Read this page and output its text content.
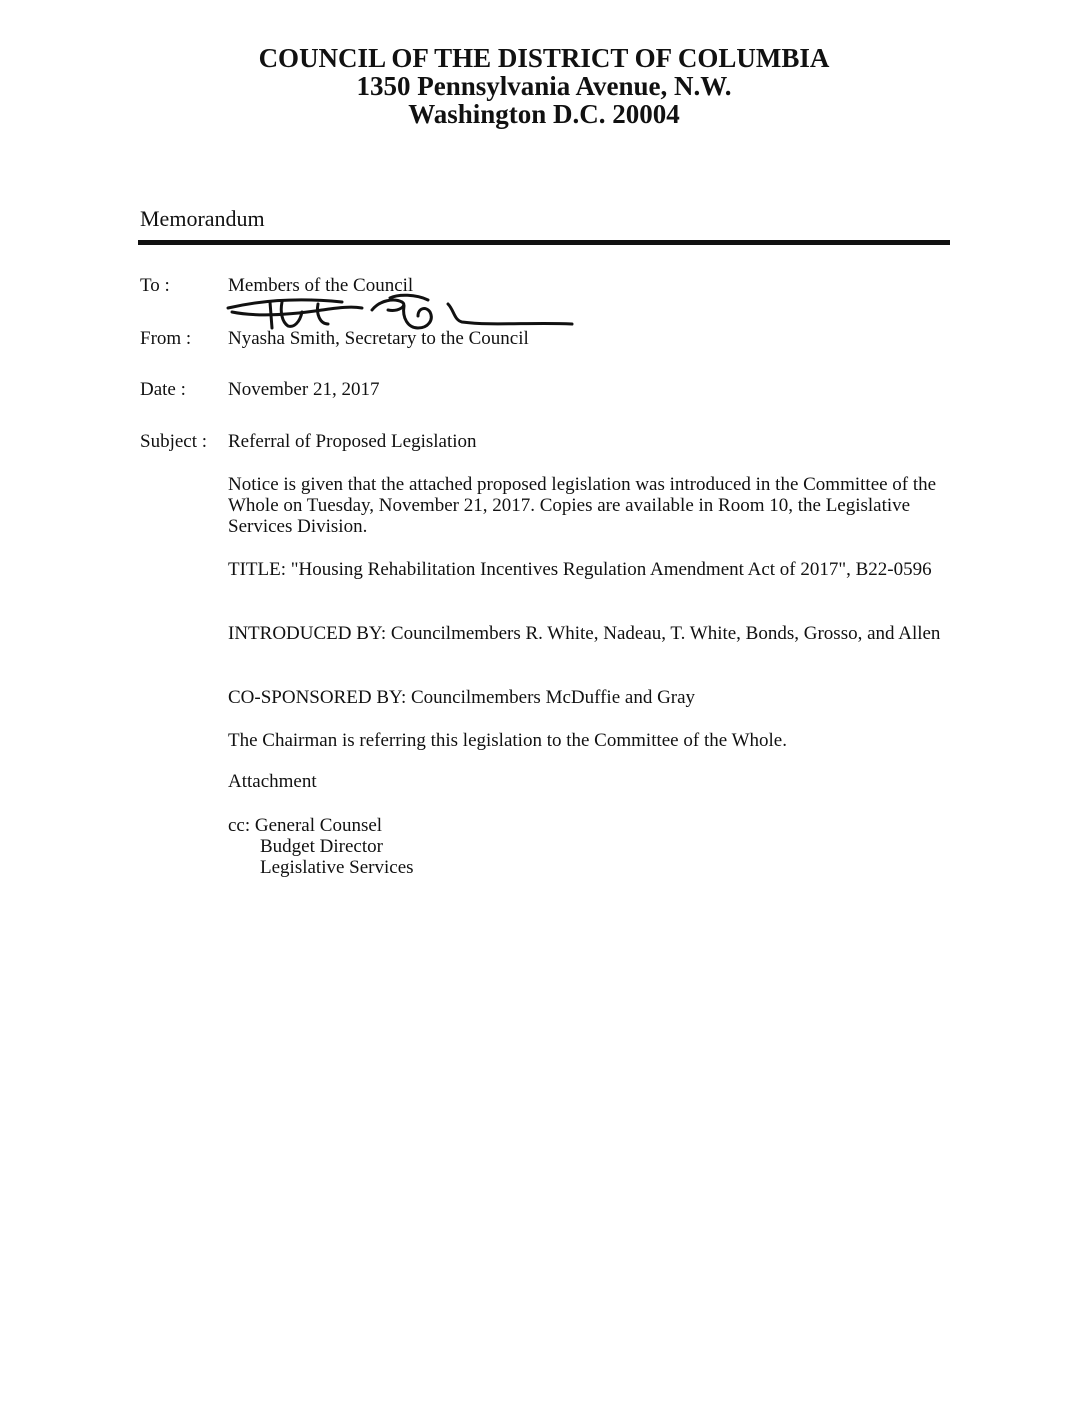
COUNCIL OF THE DISTRICT OF COLUMBIA
1350 Pennsylvania Avenue, N.W.
Washington D.C. 20004
Memorandum
To :	Members of the Council
From : Nyasha Smith, Secretary to the Council
Date : November 21, 2017
Subject : Referral of Proposed Legislation
Notice is given that the attached proposed legislation was introduced in the Committee of the Whole on Tuesday, November 21, 2017. Copies are available in Room 10, the Legislative Services Division.
TITLE: "Housing Rehabilitation Incentives Regulation Amendment Act of 2017", B22-0596
INTRODUCED BY: Councilmembers R. White, Nadeau, T. White, Bonds, Grosso, and Allen
CO-SPONSORED BY: Councilmembers McDuffie and Gray
The Chairman is referring this legislation to the Committee of the Whole.
Attachment
cc: General Counsel
Budget Director
Legislative Services
